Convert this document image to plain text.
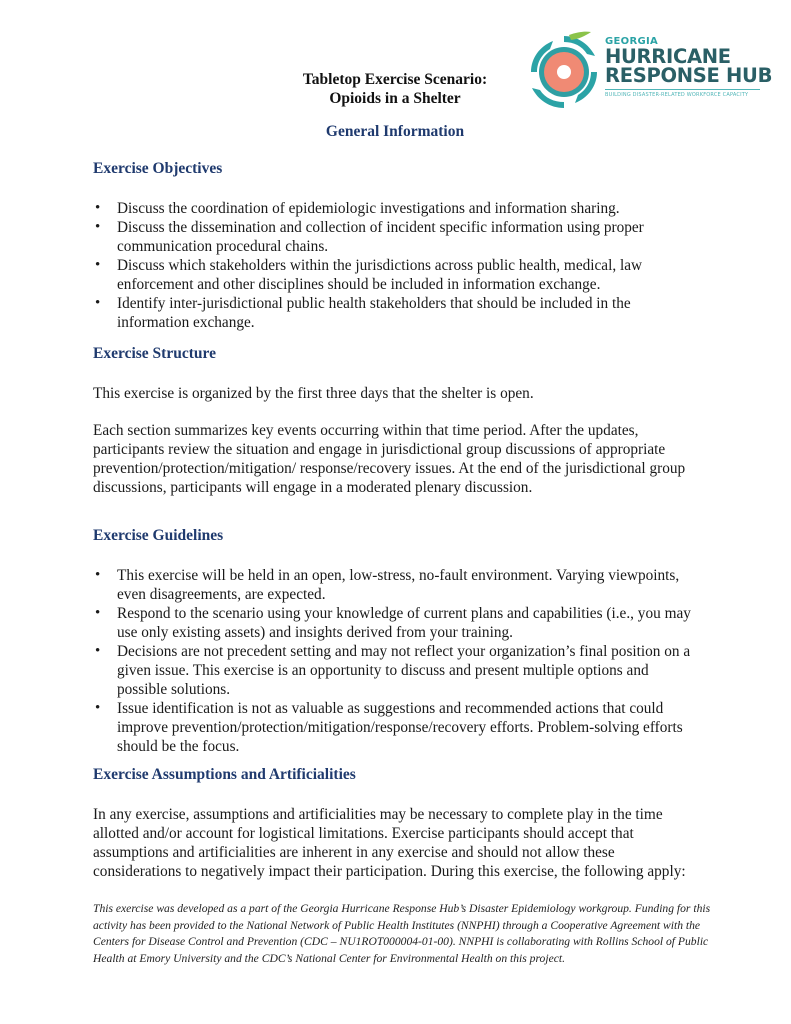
GEORGIA
HURRICANE
RESPONSE HUB
BUILDING DISASTER-RELATED WORKFORCE CAPACITY
Tabletop Exercise Scenario:
Opioids in a Shelter
General Information
Exercise Objectives
• Discuss the coordination of epidemiologic investigations and information sharing.
• Discuss the dissemination and collection of incident specific information using proper communication procedural chains.
• Discuss which stakeholders within the jurisdictions across public health, medical, law enforcement and other disciplines should be included in information exchange.
• Identify inter-jurisdictional public health stakeholders that should be included in the information exchange.
Exercise Structure

This exercise is organized by the first three days that the shelter is open.

Each section summarizes key events occurring within that time period. After the updates, participants review the situation and engage in jurisdictional group discussions of appropriate prevention/protection/mitigation/ response/recovery issues. At the end of the jurisdictional group discussions, participants will engage in a moderated plenary discussion.

Exercise Guidelines
• This exercise will be held in an open, low-stress, no-fault environment. Varying viewpoints, even disagreements, are expected.
• Respond to the scenario using your knowledge of current plans and capabilities (i.e., you may use only existing assets) and insights derived from your training.
• Decisions are not precedent setting and may not reflect your organization’s final position on a given issue. This exercise is an opportunity to discuss and present multiple options and possible solutions.
• Issue identification is not as valuable as suggestions and recommended actions that could improve prevention/protection/mitigation/response/recovery efforts. Problem-solving efforts should be the focus.
Exercise Assumptions and Artificialities

In any exercise, assumptions and artificialities may be necessary to complete play in the time allotted and/or account for logistical limitations. Exercise participants should accept that assumptions and artificialities are inherent in any exercise and should not allow these considerations to negatively impact their participation. During this exercise, the following apply:

This exercise was developed as a part of the Georgia Hurricane Response Hub’s Disaster Epidemiology workgroup. Funding for this activity has been provided to the National Network of Public Health Institutes (NNPHI) through a Cooperative Agreement with the Centers for Disease Control and Prevention (CDC – NU1ROT000004-01-00). NNPHI is collaborating with Rollins School of Public Health at Emory University and the CDC’s National Center for Environmental Health on this project.
